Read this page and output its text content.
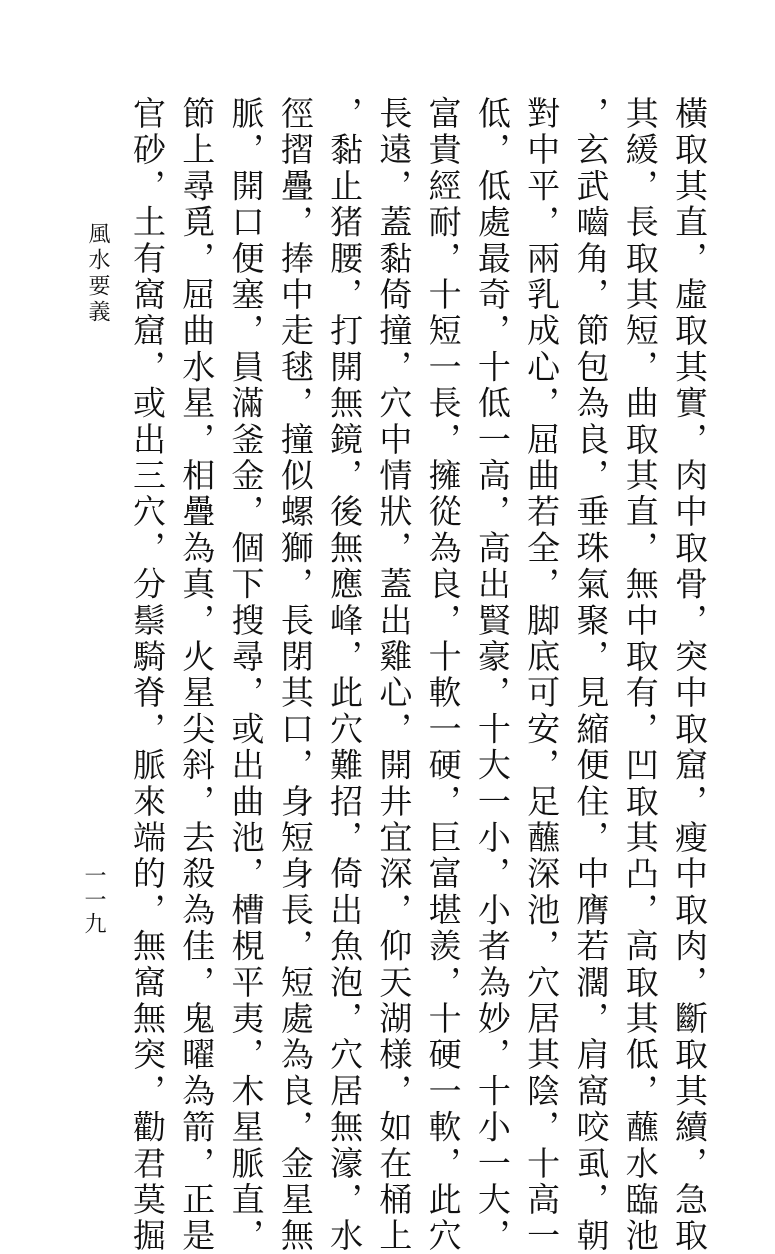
橫取其直，虛取其實，肉中取骨，突中取窟，瘦中取肉，斷取其續，急取
其緩，長取其短，曲取其直，無中取有，凹取其凸，高取其低，蘸水臨池
，玄武嚙角，節包為良，垂珠氣聚，見縮便住，中膺若濶，肩窩咬虱，朝
對中平，兩乳成心，屈曲若全，脚底可安，足蘸深池，穴居其陰，十高一
低，低處最奇，十低一高，高出賢豪，十大一小，小者為妙，十小一大，
富貴經耐，十短一長，擁從為良，十軟一硬，巨富堪羨，十硬一軟，此穴
長遠，蓋黏倚撞，穴中情狀，蓋出雞心，開井宜深，仰天湖様，如在桶上
，黏止猪腰，打開無鏡，後無應峰，此穴難招，倚出魚泡，穴居無濠，水
徑摺疊，捧中走毬，撞似螺獅，長閉其口，身短身長，短處為良，金星無
脈，開口便塞，員滿釜金，個下搜尋，或出曲池，槽梘平夷，木星脈直，
節上尋覓，屈曲水星，相疊為真，火星尖斜，去殺為佳，鬼曜為箭，正是
官砂，土有窩窟，或出三穴，分鬃騎脊，脈來端的，無窩無突，勸君莫掘
風水要義
一一九
